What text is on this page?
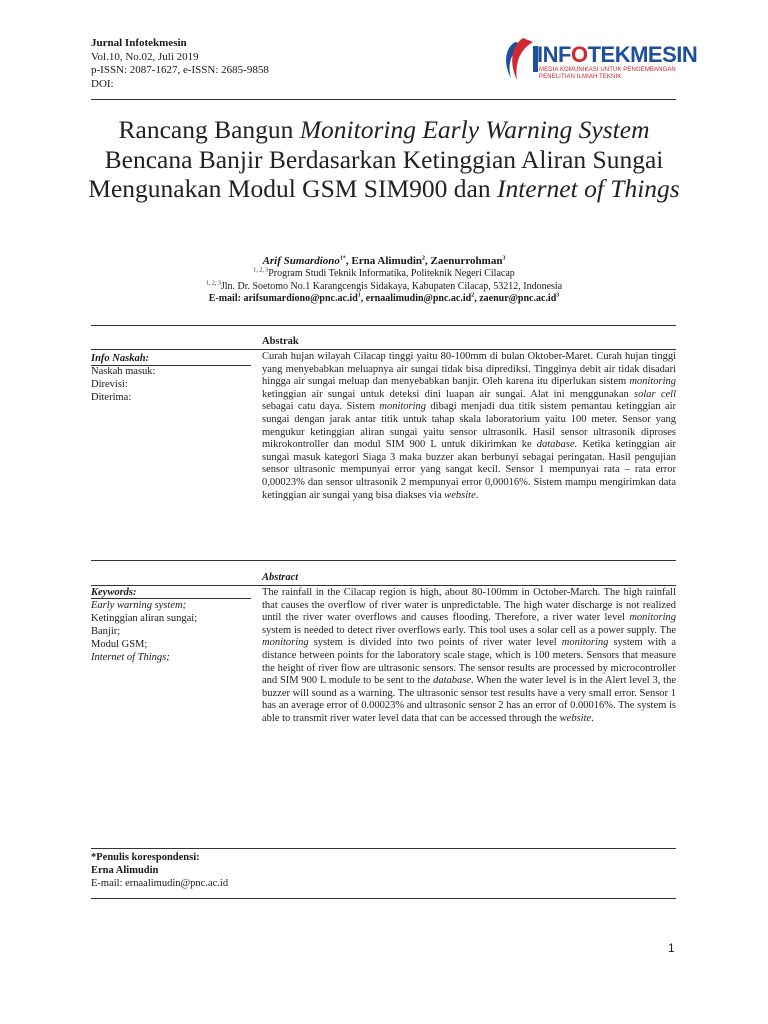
Jurnal Infotekmesin
Vol.10, No.02, Juli 2019
p-ISSN: 2087-1627, e-ISSN: 2685-9858
DOI:
INFOTEKMESIN
MEDIA KOMUNIKASI UNTUK PENGEMBANGAN
PENELITIAN ILMIAH TEKNIK
Rancang Bangun Monitoring Early Warning System Bencana Banjir Berdasarkan Ketinggian Aliran Sungai Mengunakan Modul GSM SIM900 dan Internet of Things
Arif Sumardiono$^{1*}$, Erna Alimudin$^2$, Zaenurrohman$^3$
$^{1, 2, 3}$Program Studi Teknik Informatika, Politeknik Negeri Cilacap
$^{1, 2, 3}$Jln. Dr. Soetomo No.1 Karangcengis Sidakaya, Kabupaten Cilacap, 53212, Indonesia
E-mail: $arifsumardiono@pnc.ac.id^1$, $ernaalimudin@pnc.ac.id^2$, $zaenur@pnc.ac.id^3$
Info Naskah:
Naskah masuk:
Direvisi:
Diterima:
Abstrak
Curah hujan wilayah Cilacap tinggi yaitu 80-100mm di bulan Oktober-Maret. Curah hujan tinggi yang menyebabkan meluapnya air sungai tidak bisa diprediksi. Tingginya debit air tidak disadari hingga air sungai meluap dan menyebabkan banjir. Oleh karena itu diperlukan sistem monitoring ketinggian air sungai untuk deteksi dini luapan air sungai. Alat ini menggunakan solar cell sebagai catu daya. Sistem monitoring dibagi menjadi dua titik sistem pemantau ketinggian air sungai dengan jarak antar titik untuk tahap skala laboratorium yaitu 100 meter. Sensor yang mengukur ketinggian aliran sungai yaitu sensor ultrasonik. Hasil sensor ultrasonik diproses mikrokontroller dan modul SIM 900 L untuk dikirimkan ke database. Ketika ketinggian air sungai masuk kategori Siaga 3 maka buzzer akan berbunyi sebagai peringatan. Hasil pengujian sensor ultrasonic mempunyai error yang sangat kecil. Sensor 1 mempunyai rata – rata error 0,00023% dan sensor ultrasonik 2 mempunyai error 0,00016%. Sistem mampu mengirimkan data ketinggian air sungai yang bisa diakses via website.
Keywords:
Early warning system;
Ketinggian aliran sungai;
Banjir;
Modul GSM;
Internet of Things;
Abstract
The rainfall in the Cilacap region is high, about 80-100mm in October-March. The high rainfall that causes the overflow of river water is unpredictable. The high water discharge is not realized until the river water overflows and causes flooding. Therefore, a river water level monitoring system is needed to detect river overflows early. This tool uses a solar cell as a power supply. The monitoring system is divided into two points of river water level monitoring system with a distance between points for the laboratory scale stage, which is 100 meters. Sensors that measure the height of river flow are ultrasonic sensors. The sensor results are processed by microcontroller and SIM 900 L module to be sent to the database. When the water level is in the Alert level 3, the buzzer will sound as a warning. The ultrasonic sensor test results have a very small error. Sensor 1 has an average error of 0.00023% and ultrasonic sensor 2 has an error of 0.00016%. The system is able to transmit river water level data that can be accessed through the website.
*Penulis korespondensi:
Erna Alimudin
E-mail: ernaalimudin@pnc.ac.id
1
